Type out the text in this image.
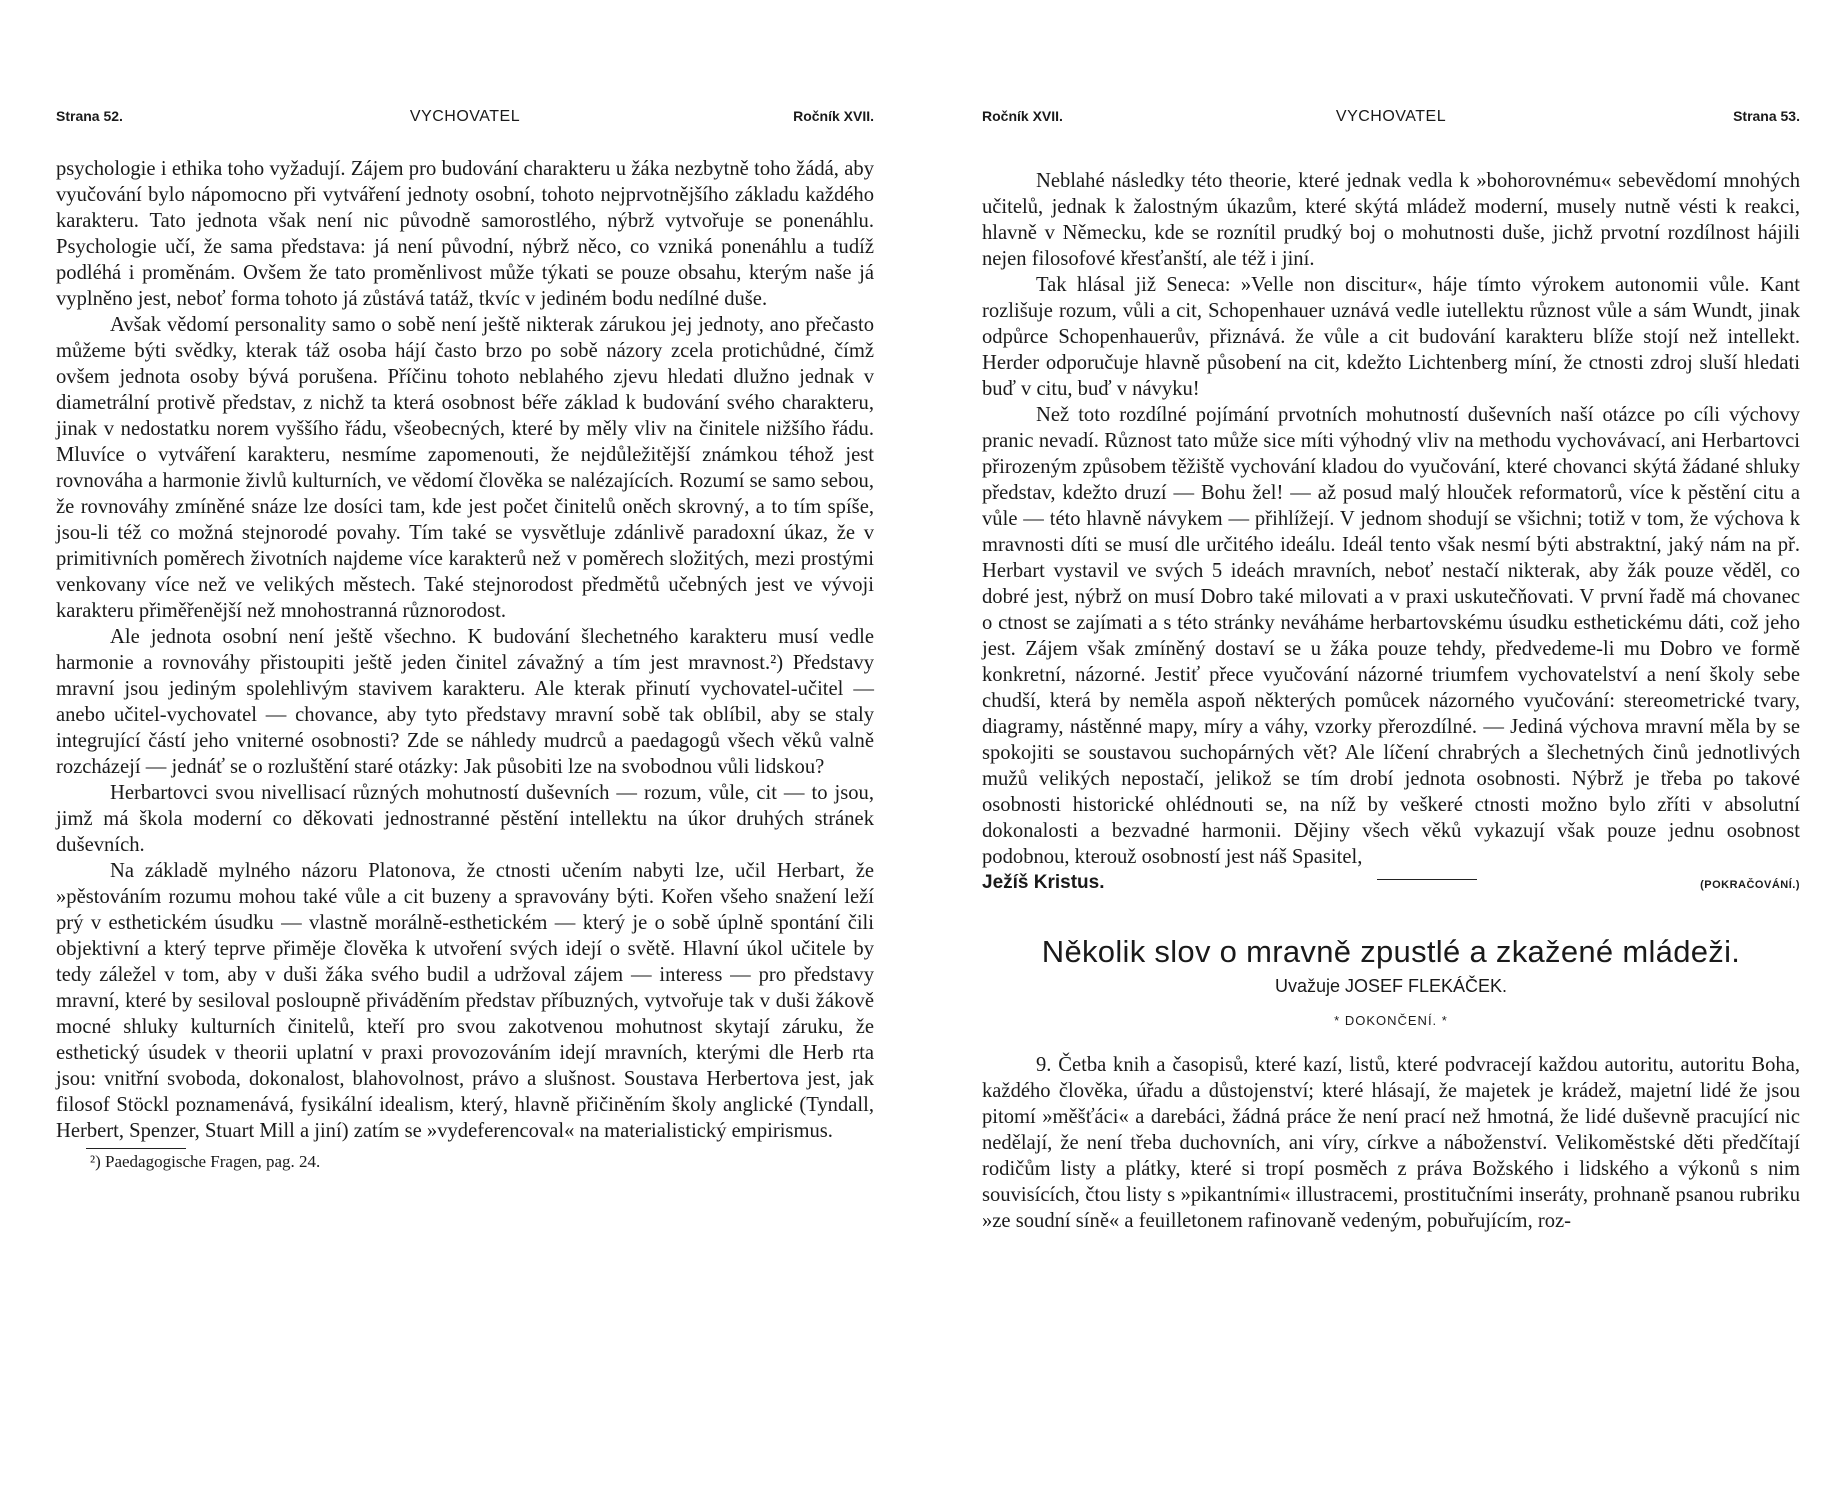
Strana 52.	VYCHOVATEL	Ročník XVII.

psychologie i ethika toho vyžadují. Zájem pro budování charakteru u žáka nezbytně toho žádá, aby vyučování bylo nápomocno při vytváření jednoty osobní, tohoto nejprvotnějšího základu každého karakteru. Tato jednota však není nic původně samorostlého, nýbrž vytvořuje se ponenáhlu. Psychologie učí, že sama představa: já není původní, nýbrž něco, co vzniká ponenáhlu a tudíž podléhá i proměnám. Ovšem že tato proměnlivost může týkati se pouze obsahu, kterým naše já vyplněno jest, neboť forma tohoto já zůstává tatáž, tkvíc v jediném bodu nedílné duše.

Avšak vědomí personality samo o sobě není ještě nikterak zárukou jej jednoty, ano přečasto můžeme býti svědky, kterak táž osoba hájí často brzo po sobě názory zcela protichůdné, čímž ovšem jednota osoby bývá porušena. Příčinu tohoto neblahého zjevu hledati dlužno jednak v diametrální protivě představ, z nichž ta která osobnost béře základ k budování svého charakteru, jinak v nedostatku norem vyššího řádu, všeobecných, které by měly vliv na činitele nižšího řádu. Mluvíce o vytváření karakteru, nesmíme zapomenouti, že nejdůležitější známkou téhož jest rovnováha a harmonie živlů kulturních, ve vědomí člověka se nalézajících. Rozumí se samo sebou, že rovnováhy zmíněné snáze lze dosíci tam, kde jest počet činitelů oněch skrovný, a to tím spíše, jsou-li též co možná stejnorodé povahy. Tím také se vysvětluje zdánlivě paradoxní úkaz, že v primitivních poměrech životních najdeme více karakterů než v poměrech složitých, mezi prostými venkovany více než ve velikých městech. Také stejnorodost předmětů učebných jest ve vývoji karakteru přiměřenější než mnohostranná různorodost.

Ale jednota osobní není ještě všechno. K budování šlechetného karakteru musí vedle harmonie a rovnováhy přistoupiti ještě jeden činitel závažný a tím jest mravnost.²) Představy mravní jsou jediným spolehlivým stavivem karakteru. Ale kterak přinutí vychovatel-učitel — anebo učitel-vychovatel — chovance, aby tyto představy mravní sobě tak oblíbil, aby se staly integrující částí jeho vniterné osobnosti? Zde se náhledy mudrců a paedagogů všech věků valně rozcházejí — jednáť se o rozluštění staré otázky: Jak působiti lze na svobodnou vůli lidskou?

Herbartovci svou nivellisací různých mohutností duševních — rozum, vůle, cit — to jsou, jimž má škola moderní co děkovati jednostranné pěstění intellektu na úkor druhých stránek duševních.

Na základě mylného názoru Platonova, že ctnosti učením nabyti lze, učil Herbart, že »pěstováním rozumu mohou také vůle a cit buzeny a spravovány býti. Kořen všeho snažení leží prý v esthetickém úsudku — vlastně morálně-esthetickém — který je o sobě úplně spontání čili objektivní a který teprve přiměje člověka k utvoření svých idejí o světě. Hlavní úkol učitele by tedy záležel v tom, aby v duši žáka svého budil a udržoval zájem — interess — pro představy mravní, které by sesiloval posloupně přiváděním představ příbuzných, vytvořuje tak v duši žákově mocné shluky kulturních činitelů, kteří pro svou zakotvenou mohutnost skytají záruku, že esthetický úsudek v theorii uplatní v praxi provozováním idejí mravních, kterými dle Herb rta jsou: vnitřní svoboda, dokonalost, blahovolnost, právo a slušnost. Soustava Herbertova jest, jak filosof Stöckl poznamenává, fysikální idealism, který, hlavně přičiněním školy anglické (Tyndall, Herbert, Spenzer, Stuart Mill a jiní) zatím se »vydeferencoval« na materialistický empirismus.

²) Paedagogische Fragen, pag. 24.
Ročník XVII.	VYCHOVATEL	Strana 53.

Neblahé následky této theorie, které jednak vedla k »bohorovnému« sebevědomí mnohých učitelů, jednak k žalostným úkazům, které skýtá mládež moderní, musely nutně vésti k reakci, hlavně v Německu, kde se roznítil prudký boj o mohutnosti duše, jichž prvotní rozdílnost hájili nejen filosofové křesťanští, ale též i jiní.

Tak hlásal již Seneca: »Velle non discitur«, háje tímto výrokem autonomii vůle. Kant rozlišuje rozum, vůli a cit, Schopenhauer uznává vedle iutellektu různost vůle a sám Wundt, jinak odpůrce Schopenhauerův, přiznává. že vůle a cit budování karakteru blíže stojí než intellekt. Herder odporučuje hlavně působení na cit, kdežto Lichtenberg míní, že ctnosti zdroj sluší hledati buď v citu, buď v návyku!

Než toto rozdílné pojímání prvotních mohutností duševních naší otázce po cíli výchovy pranic nevadí. Různost tato může sice míti výhodný vliv na methodu vychovávací, ani Herbartovci přirozeným způsobem těžiště vychování kladou do vyučování, které chovanci skýtá žádané shluky představ, kdežto druzí — Bohu žel! — až posud malý hlouček reformatorů, více k pěstění citu a vůle — této hlavně návykem — přihlížejí. V jednom shodují se všichni; totiž v tom, že výchova k mravnosti díti se musí dle určitého ideálu. Ideál tento však nesmí býti abstraktní, jaký nám na př. Herbart vystavil ve svých 5 ideách mravních, neboť nestačí nikterak, aby žák pouze věděl, co dobré jest, nýbrž on musí Dobro také milovati a v praxi uskutečňovati. V první řadě má chovanec o ctnost se zajímati a s této stránky neváháme herbartovskému úsudku esthetickému dáti, což jeho jest. Zájem však zmíněný dostaví se u žáka pouze tehdy, předvedeme-li mu Dobro ve formě konkretní, názorné. Jestiť přece vyučování názorné triumfem vychovatelství a není školy sebe chudší, která by neměla aspoň některých pomůcek názorného vyučování: stereometrické tvary, diagramy, nástěnné mapy, míry a váhy, vzorky přerozdílné. — Jediná výchova mravní měla by se spokojiti se soustavou suchopárných vět? Ale líčení chrabrých a šlechetných činů jednotlivých mužů velikých nepostačí, jelikož se tím drobí jednota osobnosti. Nýbrž je třeba po takové osobnosti historické ohlédnouti se, na níž by veškeré ctnosti možno bylo zříti v absolutní dokonalosti a bezvadné harmonii. Dějiny všech věků vykazují však pouze jednu osobnost podobnou, kterouž osobností jest náš Spasitel,

Ježíš Kristus.	(POKRAČOVÁNÍ.)
Několik slov o mravně zpustlé a zkažené mládeži.
Uvažuje JOSEF FLEKÁČEK.
* DOKONČENÍ. *

9. Četba knih a časopisů, které kazí, listů, které podvracejí každou autoritu, autoritu Boha, každého člověka, úřadu a důstojenství; které hlásají, že majetek je krádež, majetní lidé že jsou pitomí »měšťáci« a darebáci, žádná práce že není prací než hmotná, že lidé duševně pracující nic nedělají, že není třeba duchovních, ani víry, církve a náboženství. Velikoměstské děti předčítají rodičům listy a plátky, které si tropí posměch z práva Božského i lidského a výkonů s nim souvisících, čtou listy s »pikantními« illustracemi, prostitučními inseráty, prohnaně psanou rubriku »ze soudní síně« a feuilletonem rafinovaně vedeným, pobuřujícím, roz-
